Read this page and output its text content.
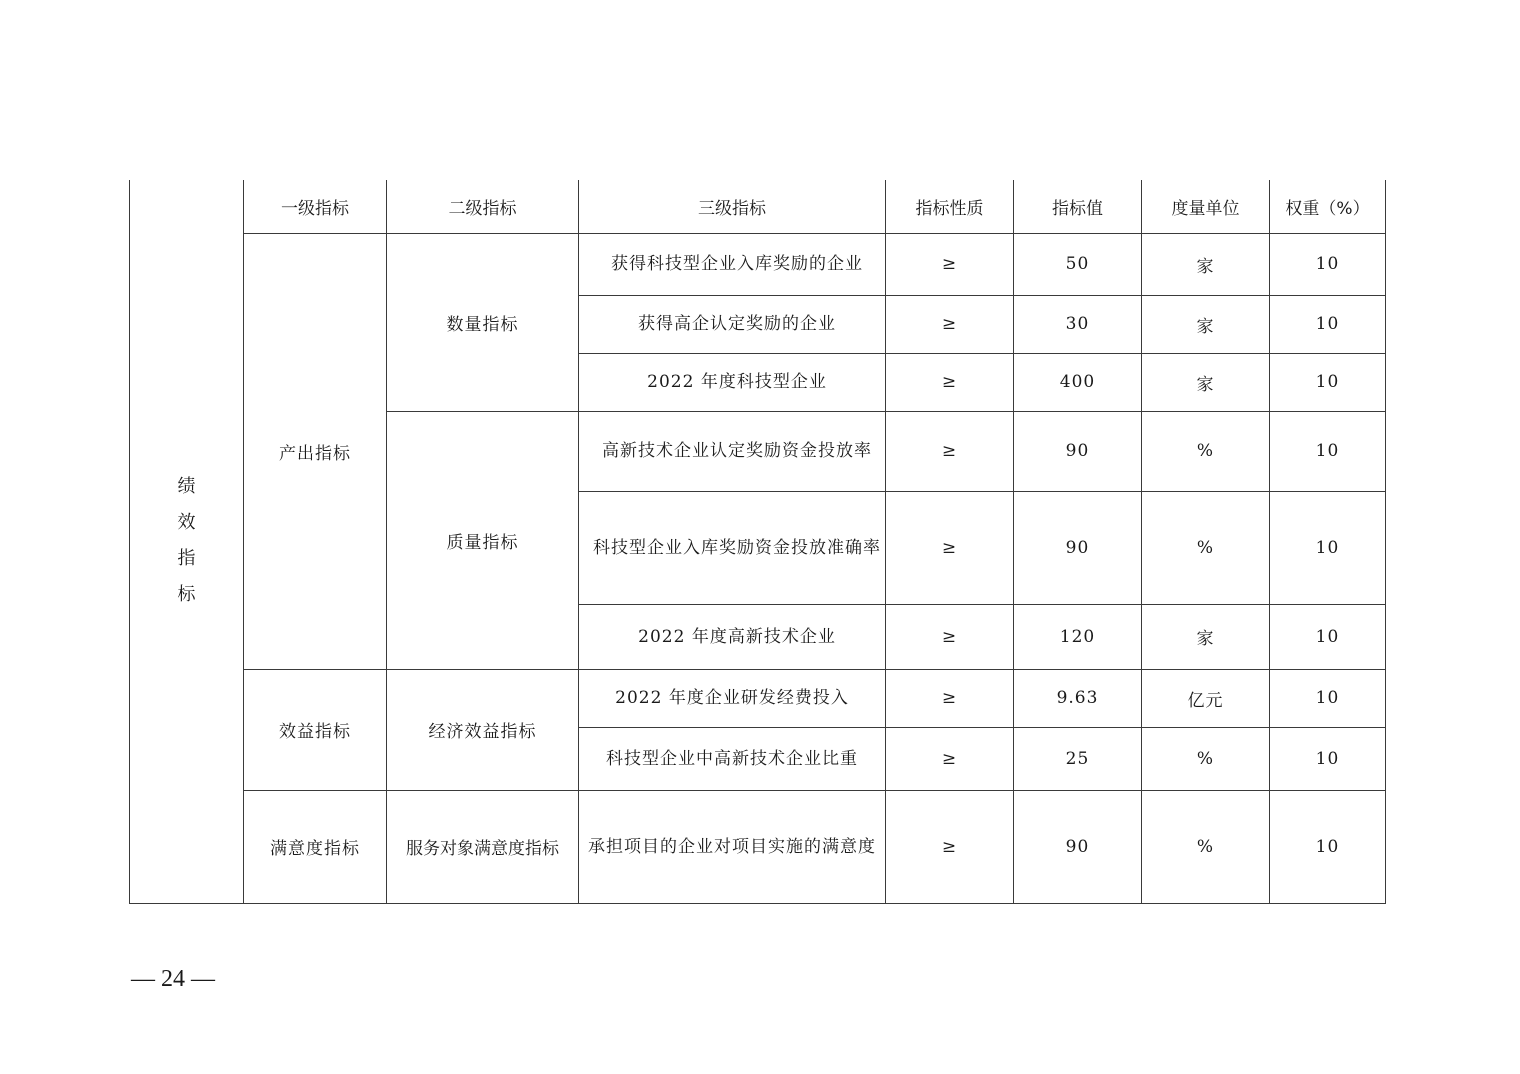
绩
效
指
标	一级指标	二级指标	三级指标	指标性质	指标值	度量单位	权重（%）
	产出指标	数量指标	获得科技型企业入库奖励的企业	≥	50	家	10
			获得高企认定奖励的企业	≥	30	家	10
			2022 年度科技型企业	≥	400	家	10
		质量指标	高新技术企业认定奖励资金投放率	≥	90	%	10
			科技型企业入库奖励资金投放准确率	≥	90	%	10
			2022 年度高新技术企业	≥	120	家	10
	效益指标	经济效益指标	2022 年度企业研发经费投入	≥	9.63	亿元	10
			科技型企业中高新技术企业比重	≥	25	%	10
	满意度指标	服务对象满意度指标	承担项目的企业对项目实施的满意度	≥	90	%	10
— 24 —
